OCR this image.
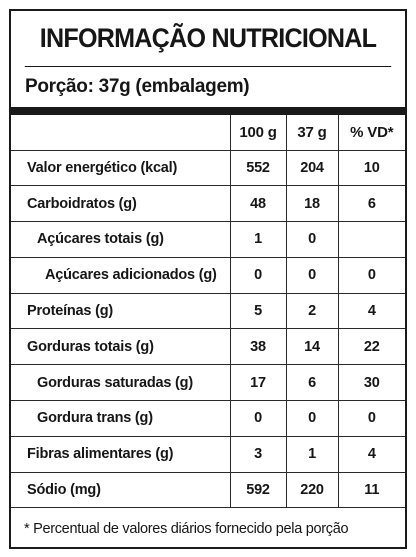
INFORMAÇÃO NUTRICIONAL
Porção: 37g (embalagem)
	100 g	37 g	% VD*
Valor energético (kcal)	552	204	10
Carboidratos (g)	48	18	6
Açúcares totais (g)	1	0	
Açúcares adicionados (g)	0	0	0
Proteínas (g)	5	2	4
Gorduras totais (g)	38	14	22
Gorduras saturadas (g)	17	6	30
Gordura trans (g)	0	0	0
Fibras alimentares (g)	3	1	4
Sódio (mg)	592	220	11
* Percentual de valores diários fornecido pela porção
